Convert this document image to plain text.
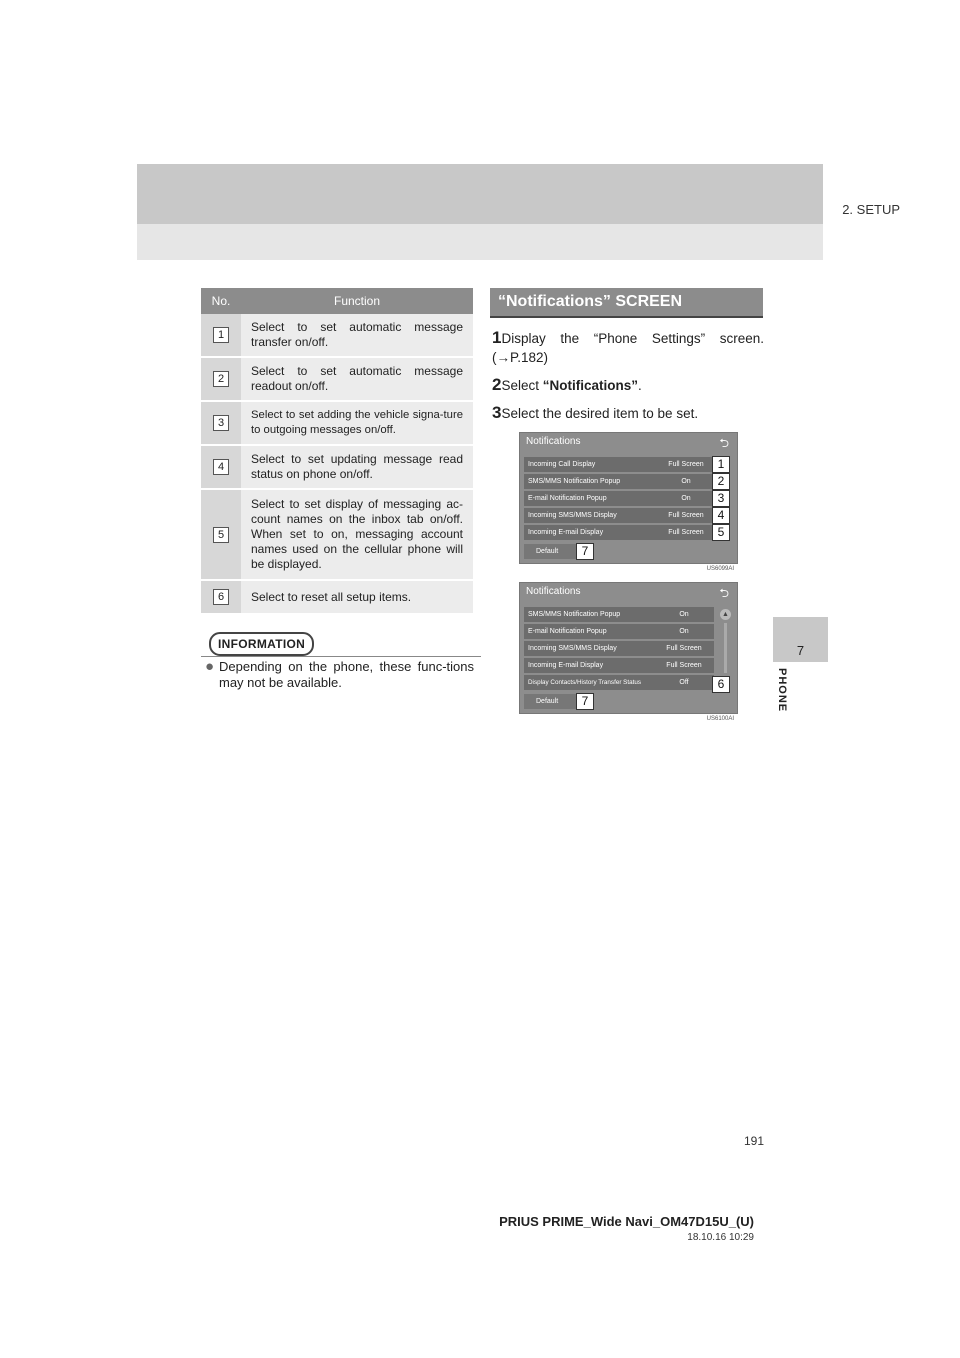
2. SETUP
7
PHONE
No.	Function
1	Select to set automatic message transfer on/off.
2	Select to set automatic message readout on/off.
3	Select to set adding the vehicle signa-ture to outgoing messages on/off.
4	Select to set updating message read status on phone on/off.
5	Select to set display of messaging ac-count names on the inbox tab on/off. When set to on, messaging account names used on the cellular phone will be displayed.
6	Select to reset all setup items.
INFORMATION
● Depending on the phone, these func-tions may not be available.
“Notifications” SCREEN
1Display the “Phone Settings” screen. (→P.182)
2Select “Notifications”.
3Select the desired item to be set.
Notifications	⮌
Incoming Call Display	Full Screen	1
SMS/MMS Notification Popup	On	2
E-mail Notification Popup	On	3
Incoming SMS/MMS Display	Full Screen	4
Incoming E-mail Display	Full Screen	5
Default	7
US6099AI
Notifications	⮌
SMS/MMS Notification Popup	On
E-mail Notification Popup	On
Incoming SMS/MMS Display	Full Screen
Incoming E-mail Display	Full Screen
Display Contacts/History Transfer Status	Off	6
▲
Default	7
US6100AI
191
PRIUS PRIME_Wide Navi_OM47D15U_(U)
18.10.16 10:29
